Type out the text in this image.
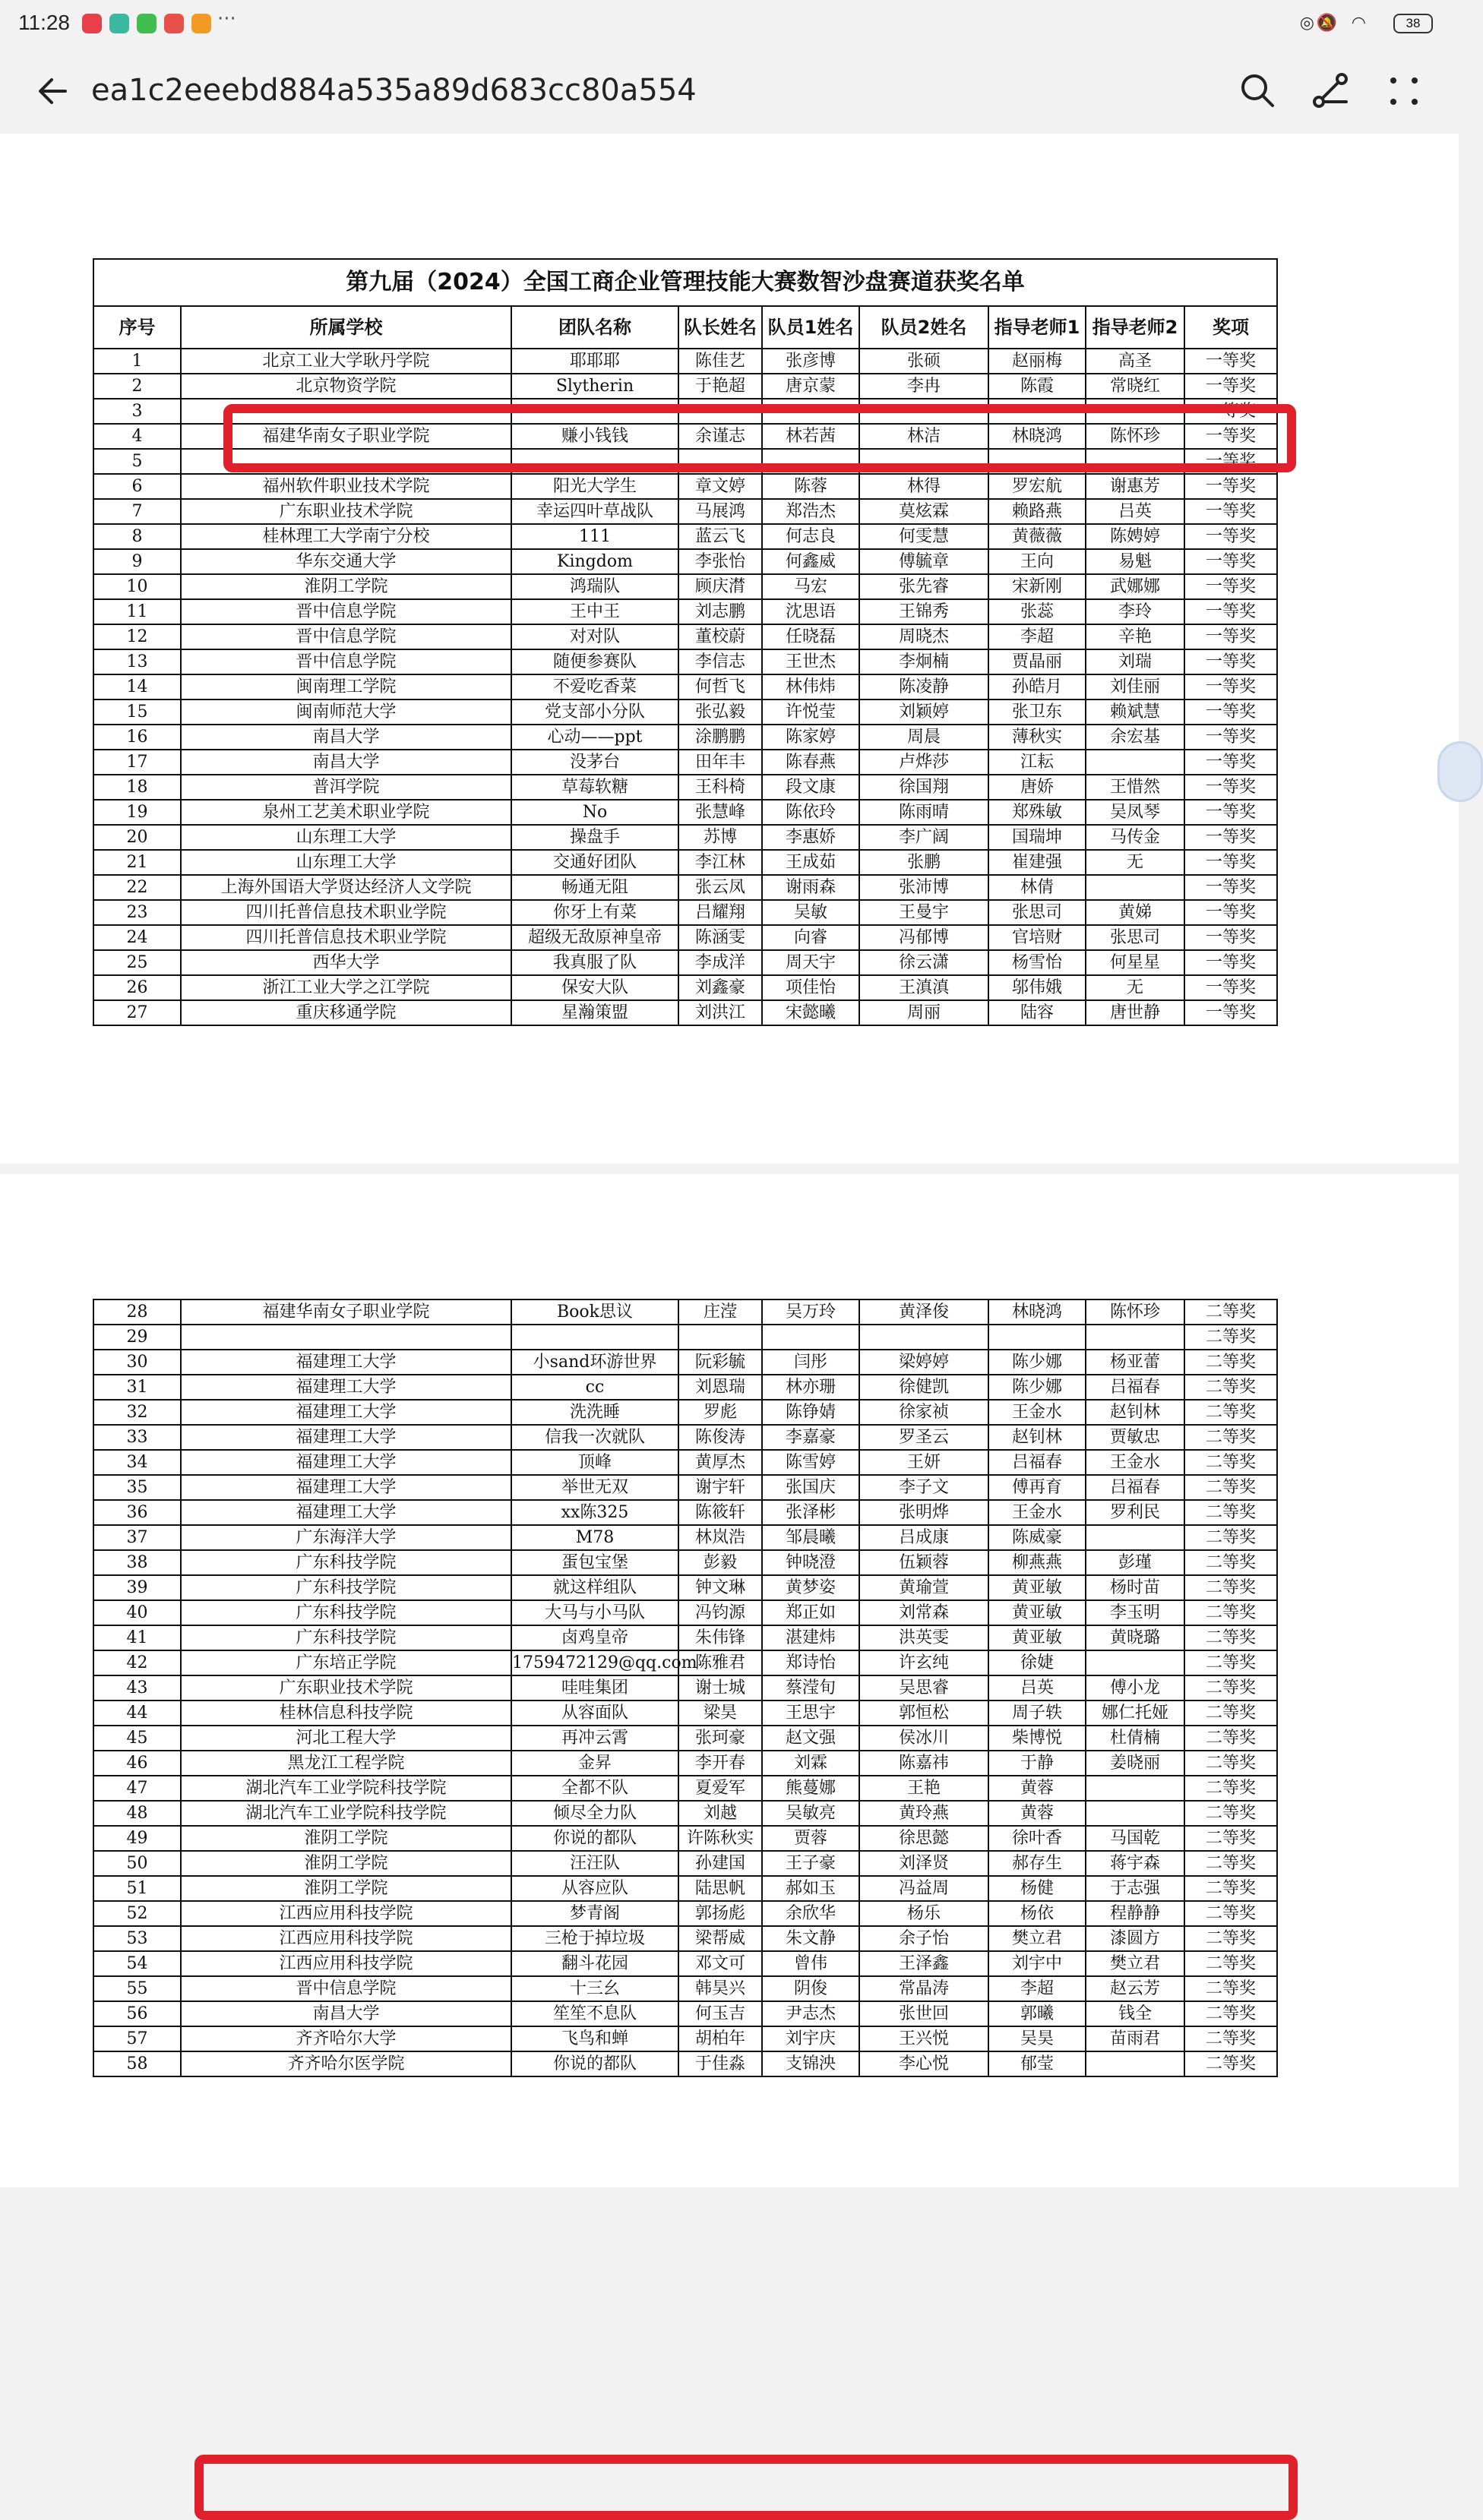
11:28	···	◎ 🔕 ◠	38
ea1c2eeebd884a535a89d683cc80a554
第九届（2024）全国工商企业管理技能大赛数智沙盘赛道获奖名单								
序号	所属学校	团队名称	队长姓名	队员1姓名	队员2姓名	指导老师1	指导老师2	奖项
1	北京工业大学耿丹学院	耶耶耶	陈佳艺	张彦博	张硕	赵丽梅	高圣	一等奖
2	北京物资学院	Slytherin	于艳超	唐京蒙	李冉	陈霞	常晓红	一等奖
3								一等奖
4	福建华南女子职业学院	赚小钱钱	余谨志	林若茜	林洁	林晓鸿	陈怀珍	一等奖
5								一等奖
6	福州软件职业技术学院	阳光大学生	章文婷	陈蓉	林得	罗宏航	谢惠芳	一等奖
7	广东职业技术学院	幸运四叶草战队	马展鸿	郑浩杰	莫炫霖	赖路燕	吕英	一等奖
8	桂林理工大学南宁分校	111	蓝云飞	何志良	何雯慧	黄薇薇	陈娉婷	一等奖
9	华东交通大学	Kingdom	李张怡	何鑫威	傅毓章	王向	易魁	一等奖
10	淮阴工学院	鸿瑞队	顾庆潸	马宏	张先睿	宋新刚	武娜娜	一等奖
11	晋中信息学院	王中王	刘志鹏	沈思语	王锦秀	张蕊	李玲	一等奖
12	晋中信息学院	对对队	董校蔚	任晓磊	周晓杰	李超	辛艳	一等奖
13	晋中信息学院	随便参赛队	李信志	王世杰	李炯楠	贾晶丽	刘瑞	一等奖
14	闽南理工学院	不爱吃香菜	何哲飞	林伟炜	陈凌静	孙皓月	刘佳丽	一等奖
15	闽南师范大学	党支部小分队	张弘毅	许悦莹	刘颖婷	张卫东	赖斌慧	一等奖
16	南昌大学	心动——ppt	涂鹏鹏	陈家婷	周晨	薄秋实	余宏基	一等奖
17	南昌大学	没茅台	田年丰	陈春燕	卢烨莎	江耘		一等奖
18	普洱学院	草莓软糖	王科椅	段文康	徐国翔	唐娇	王惜然	一等奖
19	泉州工艺美术职业学院	No	张慧峰	陈依玲	陈雨晴	郑殊敏	吴凤琴	一等奖
20	山东理工大学	操盘手	苏博	李惠娇	李广阔	国瑞坤	马传金	一等奖
21	山东理工大学	交通好团队	李江林	王成茹	张鹏	崔建强	无	一等奖
22	上海外国语大学贤达经济人文学院	畅通无阻	张云凤	谢雨森	张沛博	林倩		一等奖
23	四川托普信息技术职业学院	你牙上有菜	吕耀翔	吴敏	王曼宇	张思司	黄娣	一等奖
24	四川托普信息技术职业学院	超级无敌原神皇帝	陈涵雯	向睿	冯郁博	官培财	张思司	一等奖
25	西华大学	我真服了队	李成洋	周天宇	徐云潇	杨雪怡	何星星	一等奖
26	浙江工业大学之江学院	保安大队	刘鑫豪	项佳怡	王滇滇	邬伟娥	无	一等奖
27	重庆移通学院	星瀚策盟	刘洪江	宋懿曦	周丽	陆容	唐世静	一等奖
28	福建华南女子职业学院	Book思议	庄滢	吴万玲	黄泽俊	林晓鸿	陈怀珍	二等奖
29								二等奖
30	福建理工大学	小sand环游世界	阮彩毓	闫彤	梁婷婷	陈少娜	杨亚蕾	二等奖
31	福建理工大学	cc	刘恩瑞	林亦珊	徐健凯	陈少娜	吕福春	二等奖
32	福建理工大学	洗洗睡	罗彪	陈铮婧	徐家祯	王金水	赵钊林	二等奖
33	福建理工大学	信我一次就队	陈俊涛	李嘉豪	罗圣云	赵钊林	贾敏忠	二等奖
34	福建理工大学	顶峰	黄厚杰	陈雪婷	王妍	吕福春	王金水	二等奖
35	福建理工大学	举世无双	谢宇轩	张国庆	李子文	傅再育	吕福春	二等奖
36	福建理工大学	xx陈325	陈筱轩	张泽彬	张明烨	王金水	罗利民	二等奖
37	广东海洋大学	M78	林岚浩	邹晨曦	吕成康	陈威豪		二等奖
38	广东科技学院	蛋包宝堡	彭毅	钟晓澄	伍颖蓉	柳燕燕	彭瑾	二等奖
39	广东科技学院	就这样组队	钟文琳	黄梦姿	黄瑜萱	黄亚敏	杨时苗	二等奖
40	广东科技学院	大马与小马队	冯钧源	郑正如	刘常森	黄亚敏	李玉明	二等奖
41	广东科技学院	卤鸡皇帝	朱伟锋	湛建炜	洪英雯	黄亚敏	黄晓璐	二等奖
42	广东培正学院	1759472129@qq.com	陈雅君	郑诗怡	许玄纯	徐婕		二等奖
43	广东职业技术学院	哇哇集团	谢士城	蔡滢旬	吴思睿	吕英	傅小龙	二等奖
44	桂林信息科技学院	从容面队	梁昊	王思宇	郭恒松	周子轶	娜仁托娅	二等奖
45	河北工程大学	再冲云霄	张珂豪	赵文强	侯冰川	柴博悦	杜倩楠	二等奖
46	黑龙江工程学院	金昇	李开春	刘霖	陈嘉祎	于静	姜晓丽	二等奖
47	湖北汽车工业学院科技学院	全都不队	夏爱军	熊蔓娜	王艳	黄蓉		二等奖
48	湖北汽车工业学院科技学院	倾尽全力队	刘越	吴敏亮	黄玲燕	黄蓉		二等奖
49	淮阴工学院	你说的都队	许陈秋实	贾蓉	徐思懿	徐叶香	马国乾	二等奖
50	淮阴工学院	汪汪队	孙建国	王子豪	刘泽贤	郝存生	蒋宇森	二等奖
51	淮阴工学院	从容应队	陆思帆	郝如玉	冯益周	杨健	于志强	二等奖
52	江西应用科技学院	梦青阁	郭扬彪	余欣华	杨乐	杨依	程静静	二等奖
53	江西应用科技学院	三枪于掉垃圾	梁帮威	朱文静	余子怡	樊立君	漆圆方	二等奖
54	江西应用科技学院	翻斗花园	邓文可	曾伟	王泽鑫	刘宇中	樊立君	二等奖
55	晋中信息学院	十三幺	韩昊兴	阴俊	常晶涛	李超	赵云芳	二等奖
56	南昌大学	笙笙不息队	何玉吉	尹志杰	张世回	郭曦	钱全	二等奖
57	齐齐哈尔大学	飞鸟和蝉	胡柏年	刘宇庆	王兴悦	吴昊	苗雨君	二等奖
58	齐齐哈尔医学院	你说的都队	于佳淼	支锦泱	李心悦	郁莹		二等奖
